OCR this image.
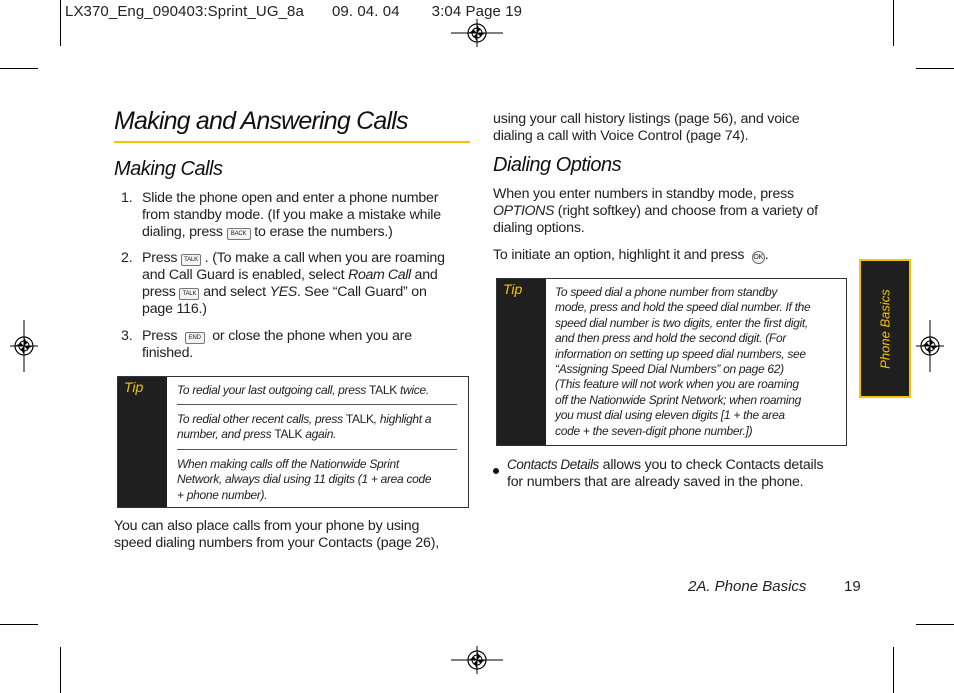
LX370_Eng_090403:Sprint_UG_8a 09. 04. 04 3:04 Page 19
Making and Answering Calls
Making Calls
1. Slide the phone open and enter a phone number
from standby mode. (If you make a mistake while
dialing, press BACK to erase the numbers.)
2. Press TALK . (To make a call when you are roaming
and Call Guard is enabled, select Roam Call and
press TALK and select YES. See “Call Guard” on
page 116.)
3. Press END or close the phone when you are
finished.
Tip	To redial your last outgoing call, press TALK twice.
To redial other recent calls, press TALK, highlight a
number, and press TALK again.
When making calls off the Nationwide Sprint
Network, always dial using 11 digits (1 + area code
+ phone number).
You can also place calls from your phone by using
speed dialing numbers from your Contacts (page 26),
using your call history listings (page 56), and voice
dialing a call with Voice Control (page 74).
Dialing Options
When you enter numbers in standby mode, press
OPTIONS (right softkey) and choose from a variety of
dialing options.
To initiate an option, highlight it and press OK .
Tip	To speed dial a phone number from standby
mode, press and hold the speed dial number. If the
speed dial number is two digits, enter the first digit,
and then press and hold the second digit. (For
information on setting up speed dial numbers, see
“Assigning Speed Dial Numbers” on page 62)
(This feature will not work when you are roaming
off the Nationwide Sprint Network; when roaming
you must dial using eleven digits [1 + the area
code + the seven-digit phone number.])
Contacts Details allows you to check Contacts details
for numbers that are already saved in the phone.
Phone Basics
2A. Phone Basics	19
